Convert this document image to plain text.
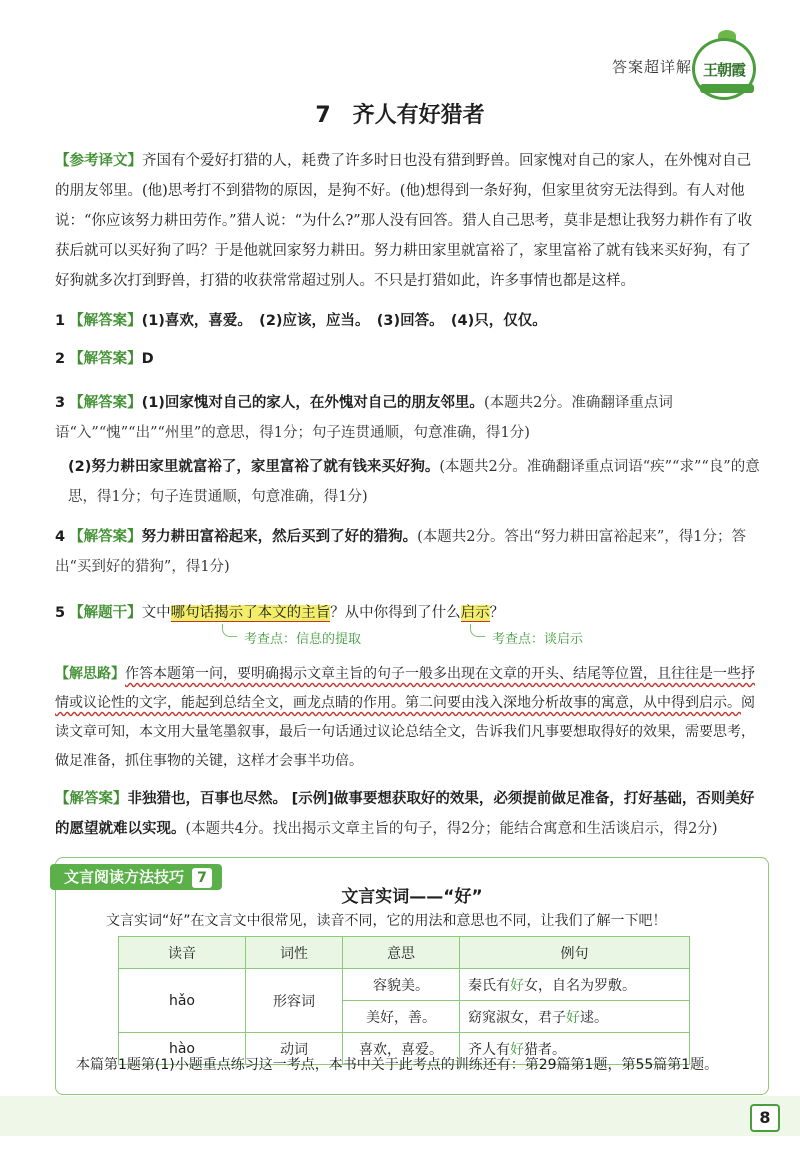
答案超详解 王朝霞
7　齐人有好猎者
【参考译文】齐国有个爱好打猎的人，耗费了许多时日也没有猎到野兽。回家愧对自己的家人，在外愧对自己的朋友邻里。(他)思考打不到猎物的原因，是狗不好。(他)想得到一条好狗，但家里贫穷无法得到。有人对他说：“你应该努力耕田劳作。”猎人说：“为什么?”那人没有回答。猎人自己思考，莫非是想让我努力耕作有了收获后就可以买好狗了吗？于是他就回家努力耕田。努力耕田家里就富裕了，家里富裕了就有钱来买好狗，有了好狗就多次打到野兽，打猎的收获常常超过别人。不只是打猎如此，许多事情也都是这样。
1 【解答案】(1)喜欢，喜爱。　(2)应该，应当。　(3)回答。　(4)只，仅仅。
2 【解答案】D
3 【解答案】(1)回家愧对自己的家人，在外愧对自己的朋友邻里。(本题共2分。准确翻译重点词语“入”“愧”“出”“州里”的意思，得1分；句子连贯通顺，句意准确，得1分)
(2)努力耕田家里就富裕了，家里富裕了就有钱来买好狗。(本题共2分。准确翻译重点词语“疾”“求”“良”的意思，得1分；句子连贯通顺，句意准确，得1分)
4 【解答案】努力耕田富裕起来，然后买到了好的猎狗。(本题共2分。答出“努力耕田富裕起来”，得1分；答出“买到好的猎狗”，得1分)
5 【解题干】文中哪句话揭示了本文的主旨？从中你得到了什么启示？
考查点：信息的提取	考查点：谈启示
【解思路】作答本题第一问，要明确揭示文章主旨的句子一般多出现在文章的开头、结尾等位置，且往往是一些抒情或议论性的文字，能起到总结全文，画龙点睛的作用。第二问要由浅入深地分析故事的寓意，从中得到启示。阅读文章可知，本文用大量笔墨叙事，最后一句话通过议论总结全文，告诉我们凡事要想取得好的效果，需要思考，做足准备，抓住事物的关键，这样才会事半功倍。
【解答案】非独猎也，百事也尽然。 [示例]做事要想获取好的效果，必须提前做足准备，打好基础，否则美好的愿望就难以实现。(本题共4分。找出揭示文章主旨的句子，得2分；能结合寓意和生活谈启示，得2分)
文言阅读方法技巧 7
文言实词——“好”
文言实词“好”在文言文中很常见，读音不同，它的用法和意思也不同，让我们了解一下吧！
读音	词性	意思	例句
hǎo	形容词	容貌美。	秦氏有好女，自名为罗敷。
		美好，善。	窈窕淑女，君子好逑。
hào	动词	喜欢，喜爱。	齐人有好猎者。
本篇第1题第(1)小题重点练习这一考点，本书中关于此考点的训练还有：第29篇第1题，第55篇第1题。
8
